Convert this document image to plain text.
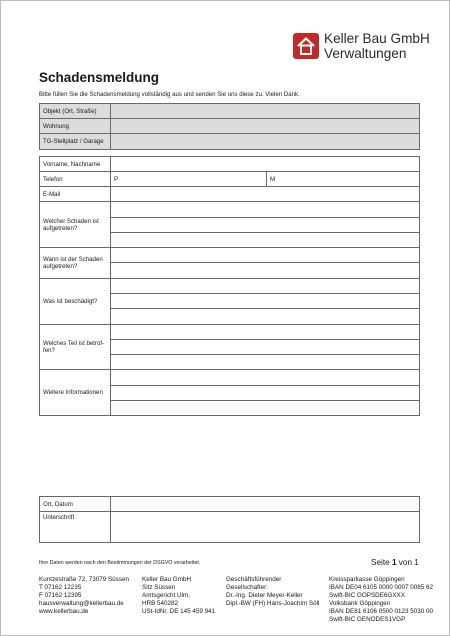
Keller Bau GmbH
Verwaltungen
Schadensmeldung
Bitte füllen Sie die Schadensmeldung vollständig aus und senden Sie uns diese zu. Vielen Dank.
Objekt (Ort, Straße)	
Wohnung	
TG-Stellplatz / Garage	
Vorname, Nachname		
Telefon	P	M
E-Mail		
Welcher Schaden ist aufgetreten?		

Wann ist der Schaden aufgetreten?		

Was ist beschädigt?		

Welches Teil ist betrof-fen?		

Weitere Informationen		

Ort, Datum	
Unterschrift	
Ihre Daten werden nach den Bestimmungen der DSGVO verarbeitet.	Seite 1 von 1
Kuntzestraße 72, 73079 Süssen
T 07162 12235
F 07162 12395
hausverwaltung@kellerbau.de
www.kellerbau.de
Keller Bau GmbH
Sitz Süssen
Amtsgericht Ulm,
HRB 540282
USt-IdNr. DE 145 459 941
Geschäftsführender
Gesellschafter:
Dr.-Ing. Dieter Meyer-Keller
Dipl.-BW (FH) Hans-Joachim Söll
Kreissparkasse Göppingen
IBAN DE04 6105 0000 0007 0085 62
Swift-BIC GOPSDE6GXXX
Volksbank Göppingen
IBAN DE81 6106 0500 0123 5030 00
Swift-BIC GENODES1VGP
